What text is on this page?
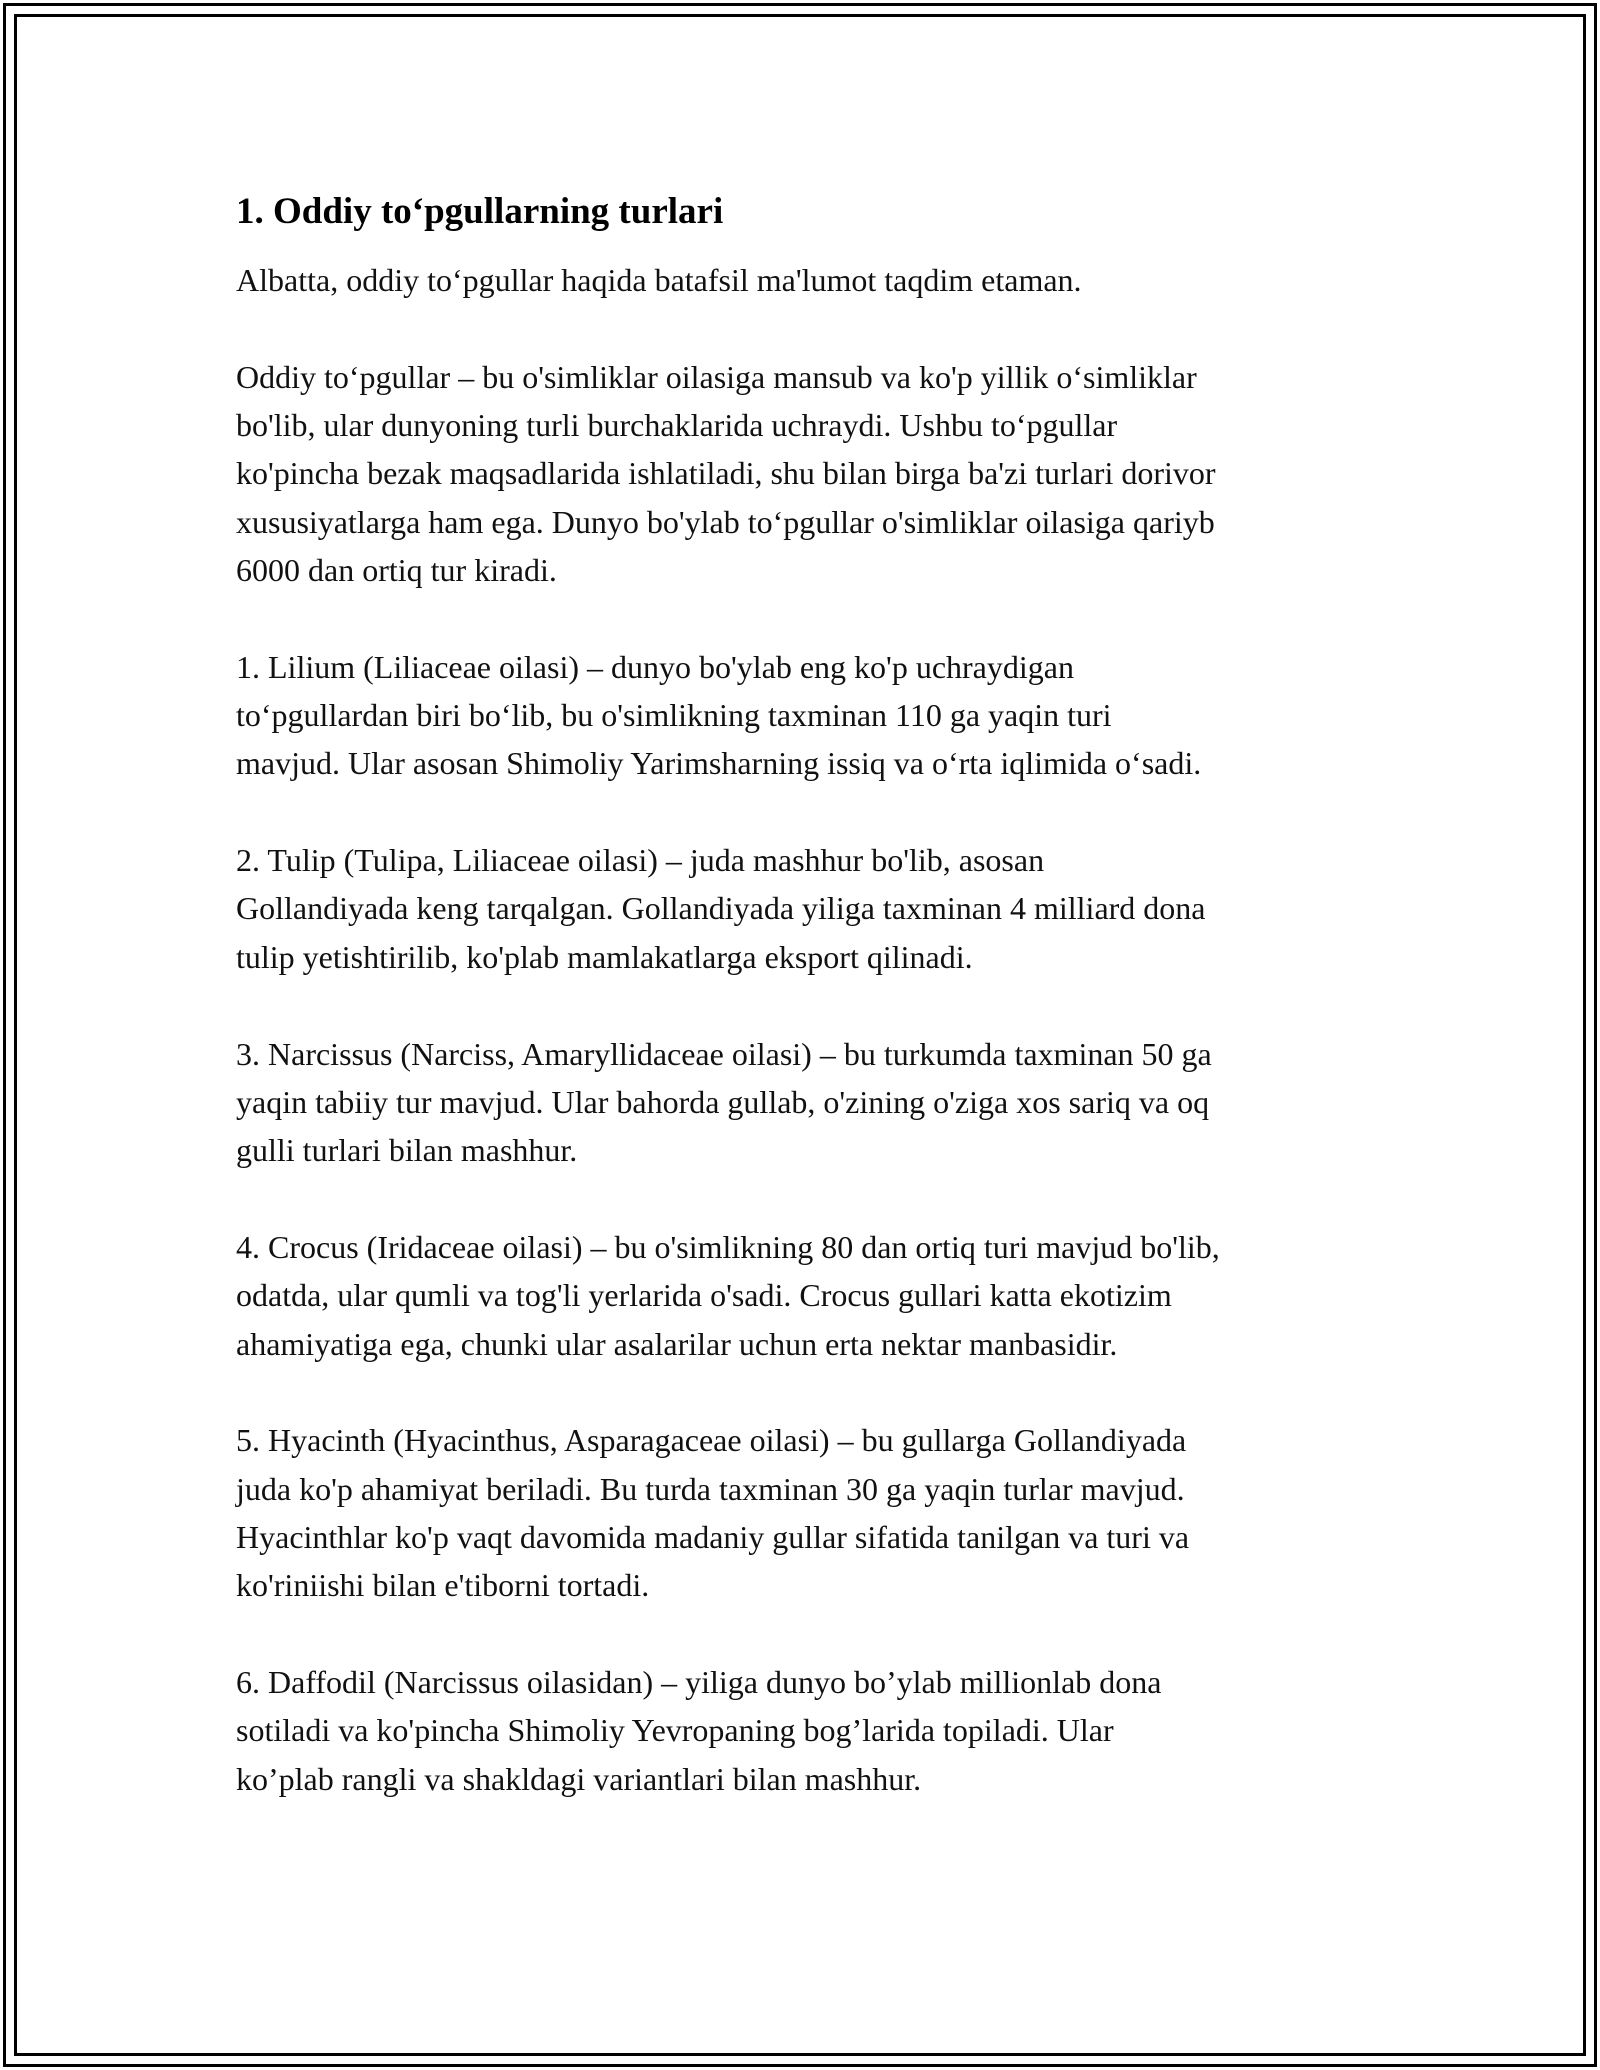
1. Oddiy to‘pgullarning turlari

Albatta, oddiy to‘pgullar haqida batafsil ma'lumot taqdim etaman.

Oddiy to‘pgullar – bu o'simliklar oilasiga mansub va ko'p yillik o‘simliklar
bo'lib, ular dunyoning turli burchaklarida uchraydi. Ushbu to‘pgullar
ko'pincha bezak maqsadlarida ishlatiladi, shu bilan birga ba'zi turlari dorivor
xususiyatlarga ham ega. Dunyo bo'ylab to‘pgullar o'simliklar oilasiga qariyb
6000 dan ortiq tur kiradi.

1. Lilium (Liliaceae oilasi) – dunyo bo'ylab eng ko'p uchraydigan
to‘pgullardan biri bo‘lib, bu o'simlikning taxminan 110 ga yaqin turi
mavjud. Ular asosan Shimoliy Yarimsharning issiq va o‘rta iqlimida o‘sadi.

2. Tulip (Tulipa, Liliaceae oilasi) – juda mashhur bo'lib, asosan
Gollandiyada keng tarqalgan. Gollandiyada yiliga taxminan 4 milliard dona
tulip yetishtirilib, ko'plab mamlakatlarga eksport qilinadi.

3. Narcissus (Narciss, Amaryllidaceae oilasi) – bu turkumda taxminan 50 ga
yaqin tabiiy tur mavjud. Ular bahorda gullab, o'zining o'ziga xos sariq va oq
gulli turlari bilan mashhur.

4. Crocus (Iridaceae oilasi) – bu o'simlikning 80 dan ortiq turi mavjud bo'lib,
odatda, ular qumli va tog'li yerlarida o'sadi. Crocus gullari katta ekotizim
ahamiyatiga ega, chunki ular asalarilar uchun erta nektar manbasidir.

5. Hyacinth (Hyacinthus, Asparagaceae oilasi) – bu gullarga Gollandiyada
juda ko'p ahamiyat beriladi. Bu turda taxminan 30 ga yaqin turlar mavjud.
Hyacinthlar ko'p vaqt davomida madaniy gullar sifatida tanilgan va turi va
ko'riniishi bilan e'tiborni tortadi.

6. Daffodil (Narcissus oilasidan) – yiliga dunyo bo’ylab millionlab dona
sotiladi va ko'pincha Shimoliy Yevropaning bog’larida topiladi. Ular
ko’plab rangli va shakldagi variantlari bilan mashhur.
